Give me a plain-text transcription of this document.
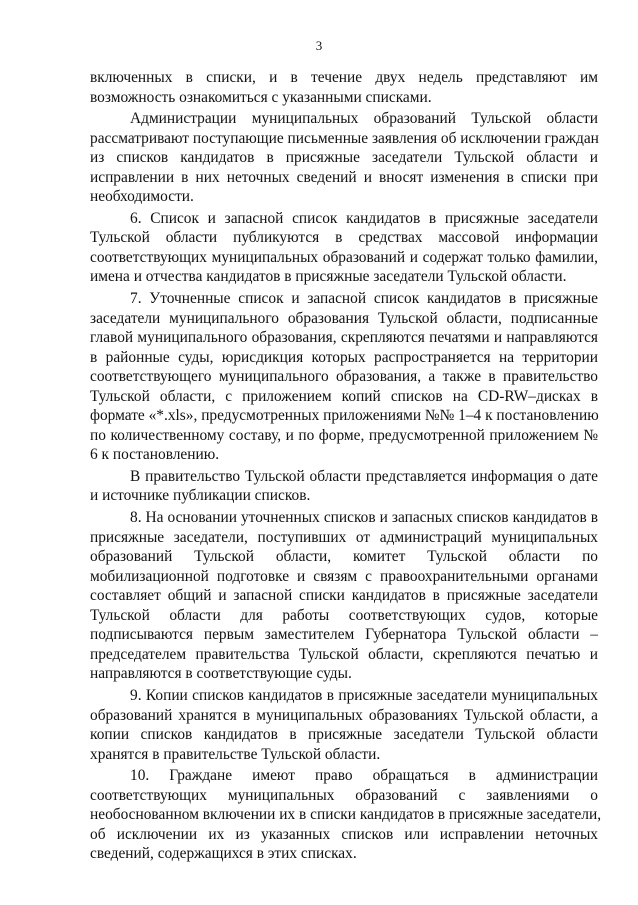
3
включенных в списки, и в течение двух недель представляют им
возможность ознакомиться с указанными списками.
Администрации муниципальных образований Тульской области
рассматривают поступающие письменные заявления об исключении граждан
из списков кандидатов в присяжные заседатели Тульской области и
исправлении в них неточных сведений и вносят изменения в списки при
необходимости.
6. Список и запасной список кандидатов в присяжные заседатели
Тульской области публикуются в средствах массовой информации
соответствующих муниципальных образований и содержат только фамилии,
имена и отчества кандидатов в присяжные заседатели Тульской области.
7. Уточненные список и запасной список кандидатов в присяжные
заседатели муниципального образования Тульской области, подписанные
главой муниципального образования, скрепляются печатями и направляются
в районные суды, юрисдикция которых распространяется на территории
соответствующего муниципального образования, а также в правительство
Тульской области, с приложением копий списков на CD-RW–дисках в
формате «*.xls», предусмотренных приложениями №№ 1–4 к постановлению
по количественному составу, и по форме, предусмотренной приложением №
6 к постановлению.
В правительство Тульской области представляется информация о дате
и источнике публикации списков.
8. На основании уточненных списков и запасных списков кандидатов в
присяжные заседатели, поступивших от администраций муниципальных
образований Тульской области, комитет Тульской области по
мобилизационной подготовке и связям с правоохранительными органами
составляет общий и запасной списки кандидатов в присяжные заседатели
Тульской области для работы соответствующих судов, которые
подписываются первым заместителем Губернатора Тульской области –
председателем правительства Тульской области, скрепляются печатью и
направляются в соответствующие суды.
9. Копии списков кандидатов в присяжные заседатели муниципальных
образований хранятся в муниципальных образованиях Тульской области, а
копии списков кандидатов в присяжные заседатели Тульской области
хранятся в правительстве Тульской области.
10. Граждане имеют право обращаться в администрации
соответствующих муниципальных образований с заявлениями о
необоснованном включении их в списки кандидатов в присяжные заседатели,
об исключении их из указанных списков или исправлении неточных
сведений, содержащихся в этих списках.
